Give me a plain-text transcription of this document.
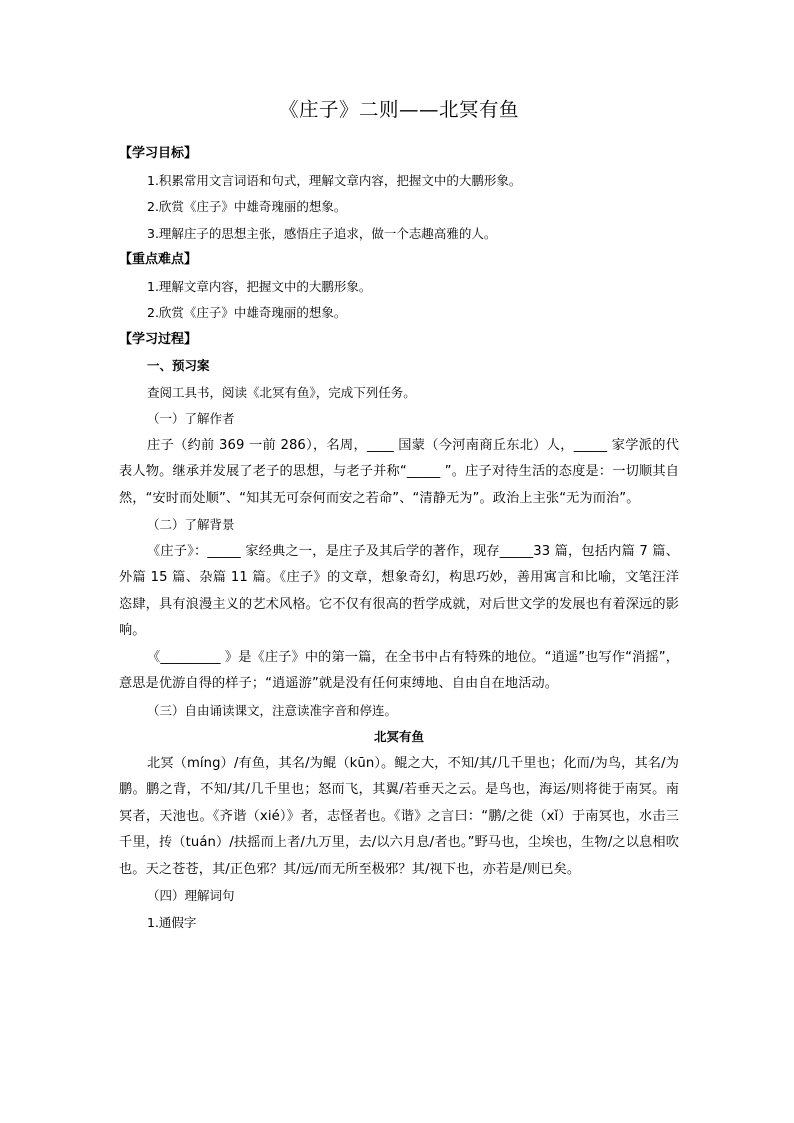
《庄子》二则——北冥有鱼
【学习目标】
1.积累常用文言词语和句式，理解文章内容，把握文中的大鹏形象。
2.欣赏《庄子》中雄奇瑰丽的想象。
3.理解庄子的思想主张，感悟庄子追求，做一个志趣高雅的人。
【重点难点】
1.理解文章内容，把握文中的大鹏形象。
2.欣赏《庄子》中雄奇瑰丽的想象。
【学习过程】
一、预习案
查阅工具书，阅读《北冥有鱼》，完成下列任务。
（一）了解作者

庄子（约前 369 一前 286），名周，____ 国蒙（今河南商丘东北）人，_____ 家学派的代表人物。继承并发展了老子的思想，与老子并称“_____ ”。庄子对待生活的态度是：一切顺其自然，“安时而处顺”、“知其无可奈何而安之若命”、“清静无为”。政治上主张“无为而治”。

（二）了解背景

《庄子》：_____ 家经典之一，是庄子及其后学的著作，现存_____33 篇，包括内篇 7 篇、外篇 15 篇、杂篇 11 篇。《庄子》的文章，想象奇幻，构思巧妙，善用寓言和比喻，文笔汪洋恣肆，具有浪漫主义的艺术风格。它不仅有很高的哲学成就，对后世文学的发展也有着深远的影响。

《_________ 》是《庄子》中的第一篇，在全书中占有特殊的地位。“逍遥”也写作“消摇”，意思是优游自得的样子；“逍遥游”就是没有任何束缚地、自由自在地活动。

（三）自由诵读课文，注意读准字音和停连。
北冥有鱼

北冥（míng）/有鱼，其名/为鲲（kūn）。鲲之大，不知/其/几千里也；化而/为鸟，其名/为鹏。鹏之背，不知/其/几千里也；怒而飞，其翼/若垂天之云。是鸟也，海运/则将徙于南冥。南冥者，天池也。《齐谐（xié）》者，志怪者也。《谐》之言曰：“鹏/之徙（xǐ）于南冥也，水击三千里，抟（tuán）/扶摇而上者/九万里，去/以六月息/者也。”野马也，尘埃也，生物/之以息相吹也。天之苍苍，其/正色邪？其/远/而无所至极邪？其/视下也，亦若是/则已矣。

（四）理解词句
1.通假字
